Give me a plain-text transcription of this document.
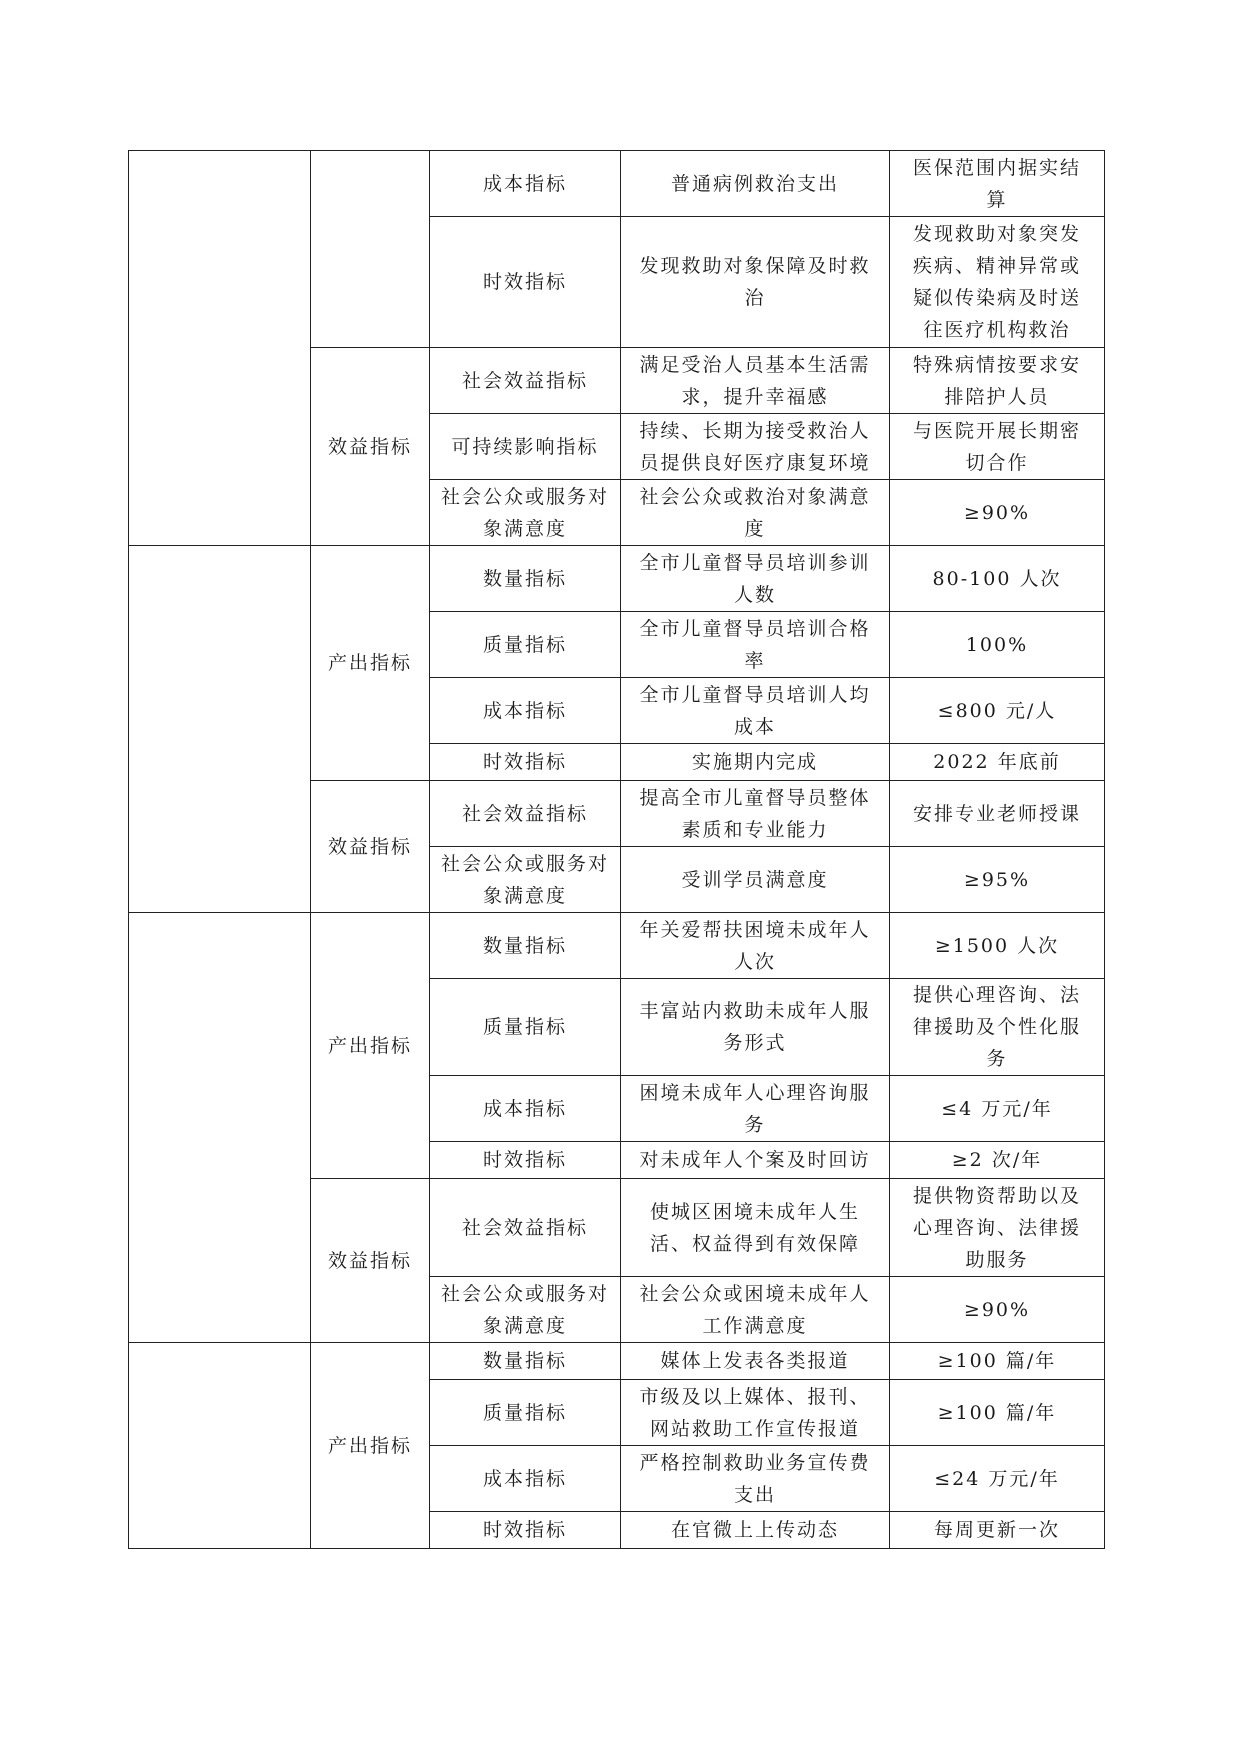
		成本指标	普通病例救治支出	医保范围内据实结算
		时效指标	发现救助对象保障及时救治	发现救助对象突发疾病、精神异常或疑似传染病及时送往医疗机构救治
	效益指标	社会效益指标	满足受治人员基本生活需求，提升幸福感	特殊病情按要求安排陪护人员
		可持续影响指标	持续、长期为接受救治人员提供良好医疗康复环境	与医院开展长期密切合作
		社会公众或服务对象满意度	社会公众或救治对象满意度	≥90%
	产出指标	数量指标	全市儿童督导员培训参训人数	80-100 人次
		质量指标	全市儿童督导员培训合格率	100%
		成本指标	全市儿童督导员培训人均成本	≤800 元/人
		时效指标	实施期内完成	2022 年底前
	效益指标	社会效益指标	提高全市儿童督导员整体素质和专业能力	安排专业老师授课
		社会公众或服务对象满意度	受训学员满意度	≥95%
	产出指标	数量指标	年关爱帮扶困境未成年人人次	≥1500 人次
		质量指标	丰富站内救助未成年人服务形式	提供心理咨询、法律援助及个性化服务
		成本指标	困境未成年人心理咨询服务	≤4 万元/年
		时效指标	对未成年人个案及时回访	≥2 次/年
	效益指标	社会效益指标	使城区困境未成年人生活、权益得到有效保障	提供物资帮助以及心理咨询、法律援助服务
		社会公众或服务对象满意度	社会公众或困境未成年人工作满意度	≥90%
	产出指标	数量指标	媒体上发表各类报道	≥100 篇/年
		质量指标	市级及以上媒体、报刊、网站救助工作宣传报道	≥100 篇/年
		成本指标	严格控制救助业务宣传费支出	≤24 万元/年
		时效指标	在官微上上传动态	每周更新一次
